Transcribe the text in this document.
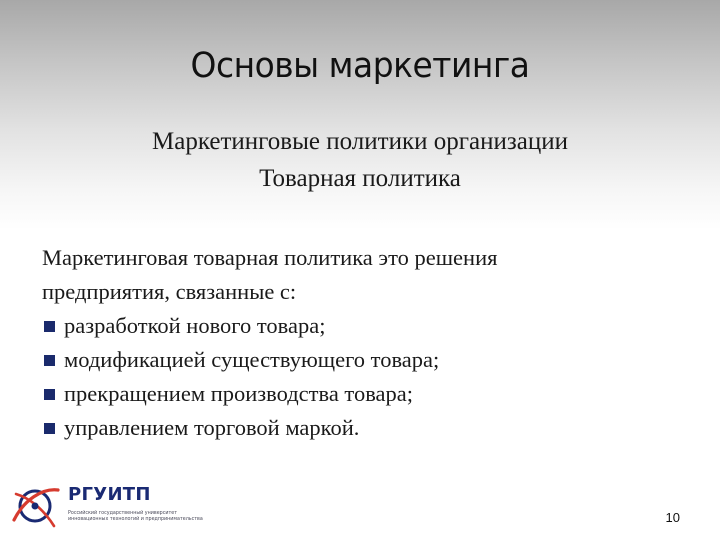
Основы маркетинга
Маркетинговые политики организации
Товарная политика
Маркетинговая товарная политика это решения
предприятия, связанные с:
разработкой нового товара;
модификацией существующего товара;
прекращением производства товара;
управлением торговой маркой.
РГУИТП
Российский государственный университет инновационных технологий и предпринимательства	10
